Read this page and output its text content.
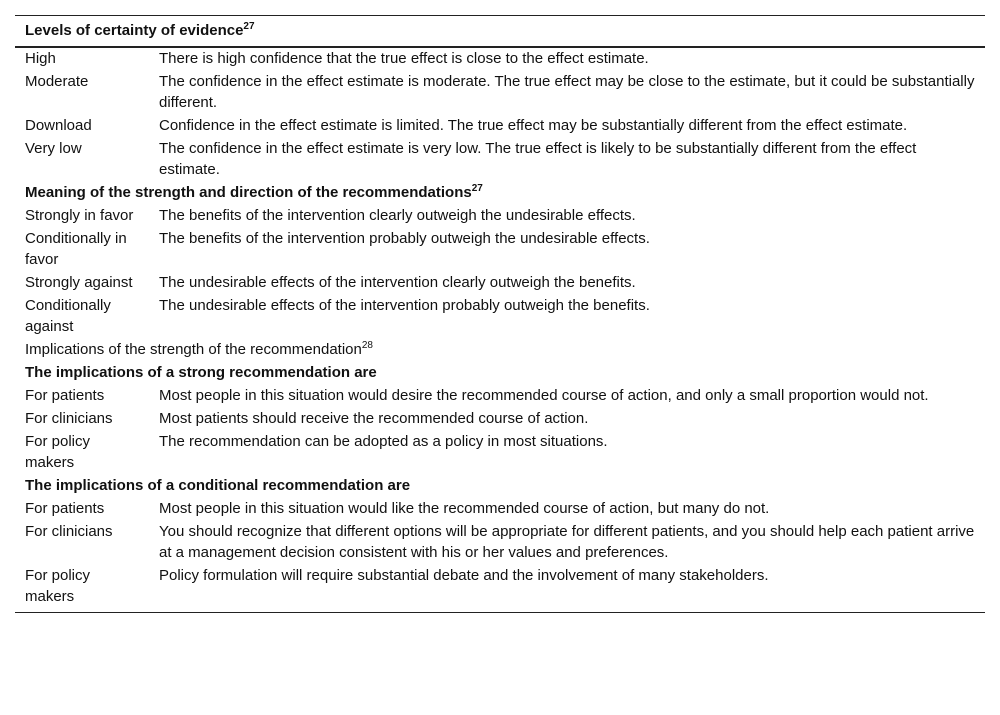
Levels of certainty of evidence$^{27}$
High	There is high confidence that the true effect is close to the effect estimate.
Moderate	The confidence in the effect estimate is moderate. The true effect may be close to the estimate, but it could be substantially different.
Download	Confidence in the effect estimate is limited. The true effect may be substantially different from the effect estimate.
Very low	The confidence in the effect estimate is very low. The true effect is likely to be substantially different from the effect estimate.
Meaning of the strength and direction of the recommendations$^{27}$
Strongly in favor	The benefits of the intervention clearly outweigh the undesirable effects.
Conditionally in favor	The benefits of the intervention probably outweigh the undesirable effects.
Strongly against	The undesirable effects of the intervention clearly outweigh the benefits.
Conditionally against	The undesirable effects of the intervention probably outweigh the benefits.
Implications of the strength of the recommendation$^{28}$
The implications of a strong recommendation are	
For patients	Most people in this situation would desire the recommended course of action, and only a small proportion would not.
For clinicians	Most patients should receive the recommended course of action.
For policy makers	The recommendation can be adopted as a policy in most situations.
The implications of a conditional recommendation are	
For patients	Most people in this situation would like the recommended course of action, but many do not.
For clinicians	You should recognize that different options will be appropriate for different patients, and you should help each patient arrive at a management decision consistent with his or her values and preferences.
For policy makers	Policy formulation will require substantial debate and the involvement of many stakeholders.
